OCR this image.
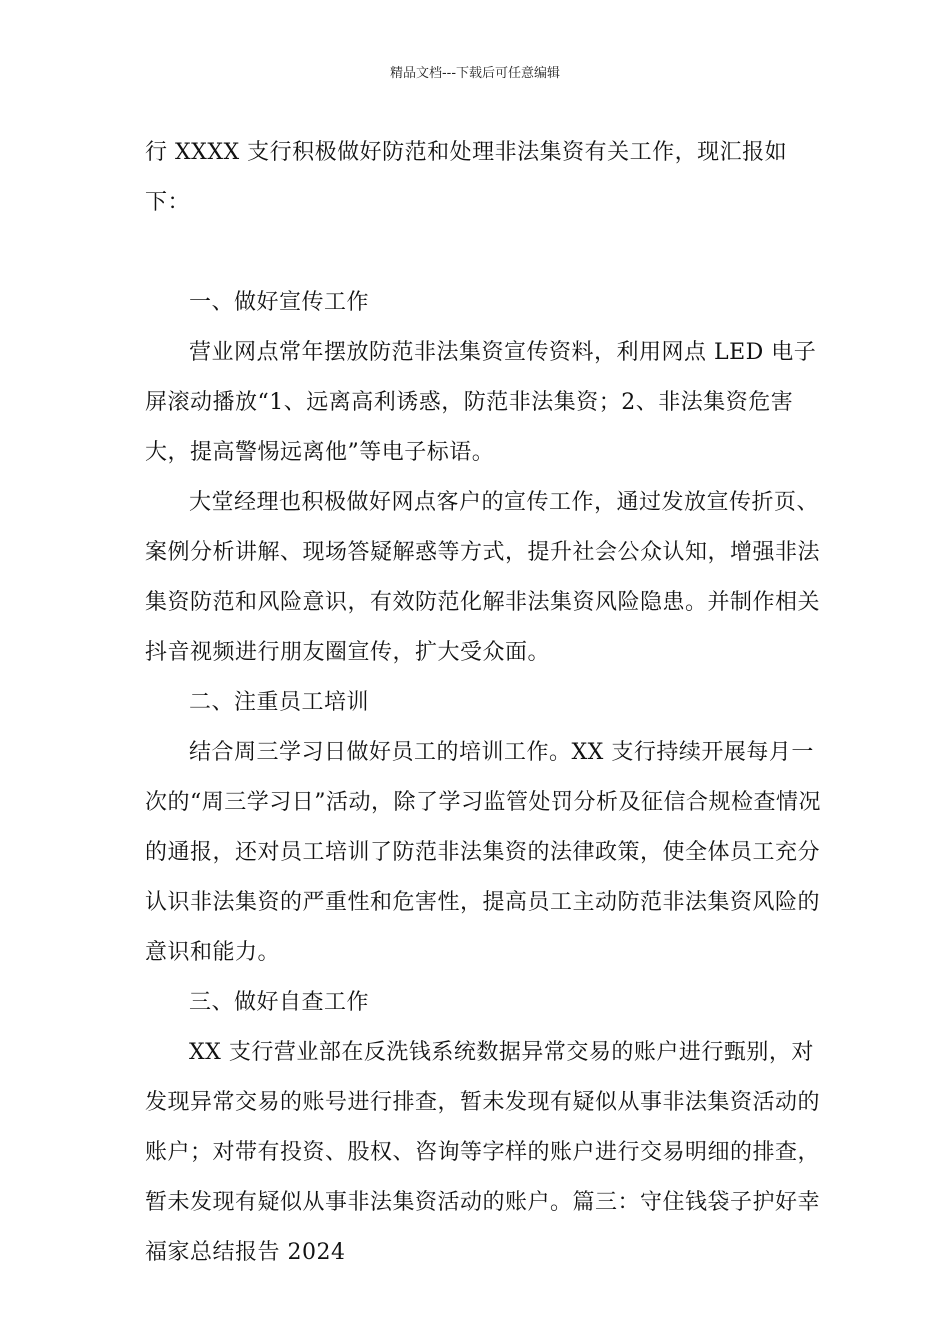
精品文档---下载后可任意编辑

行 XXXX 支行积极做好防范和处理非法集资有关工作，现汇报如下：

一、做好宣传工作

营业网点常年摆放防范非法集资宣传资料，利用网点 LED 电子屏滚动播放“1、远离高利诱惑，防范非法集资；2、非法集资危害大，提高警惕远离他”等电子标语。

大堂经理也积极做好网点客户的宣传工作，通过发放宣传折页、案例分析讲解、现场答疑解惑等方式，提升社会公众认知，增强非法集资防范和风险意识，有效防范化解非法集资风险隐患。并制作相关抖音视频进行朋友圈宣传，扩大受众面。

二、注重员工培训

结合周三学习日做好员工的培训工作。XX 支行持续开展每月一次的“周三学习日”活动，除了学习监管处罚分析及征信合规检查情况的通报，还对员工培训了防范非法集资的法律政策，使全体员工充分认识非法集资的严重性和危害性，提高员工主动防范非法集资风险的意识和能力。

三、做好自查工作

XX 支行营业部在反洗钱系统数据异常交易的账户进行甄别，对发现异常交易的账号进行排查，暂未发现有疑似从事非法集资活动的账户；对带有投资、股权、咨询等字样的账户进行交易明细的排查，暂未发现有疑似从事非法集资活动的账户。篇三：守住钱袋子护好幸福家总结报告 2024
